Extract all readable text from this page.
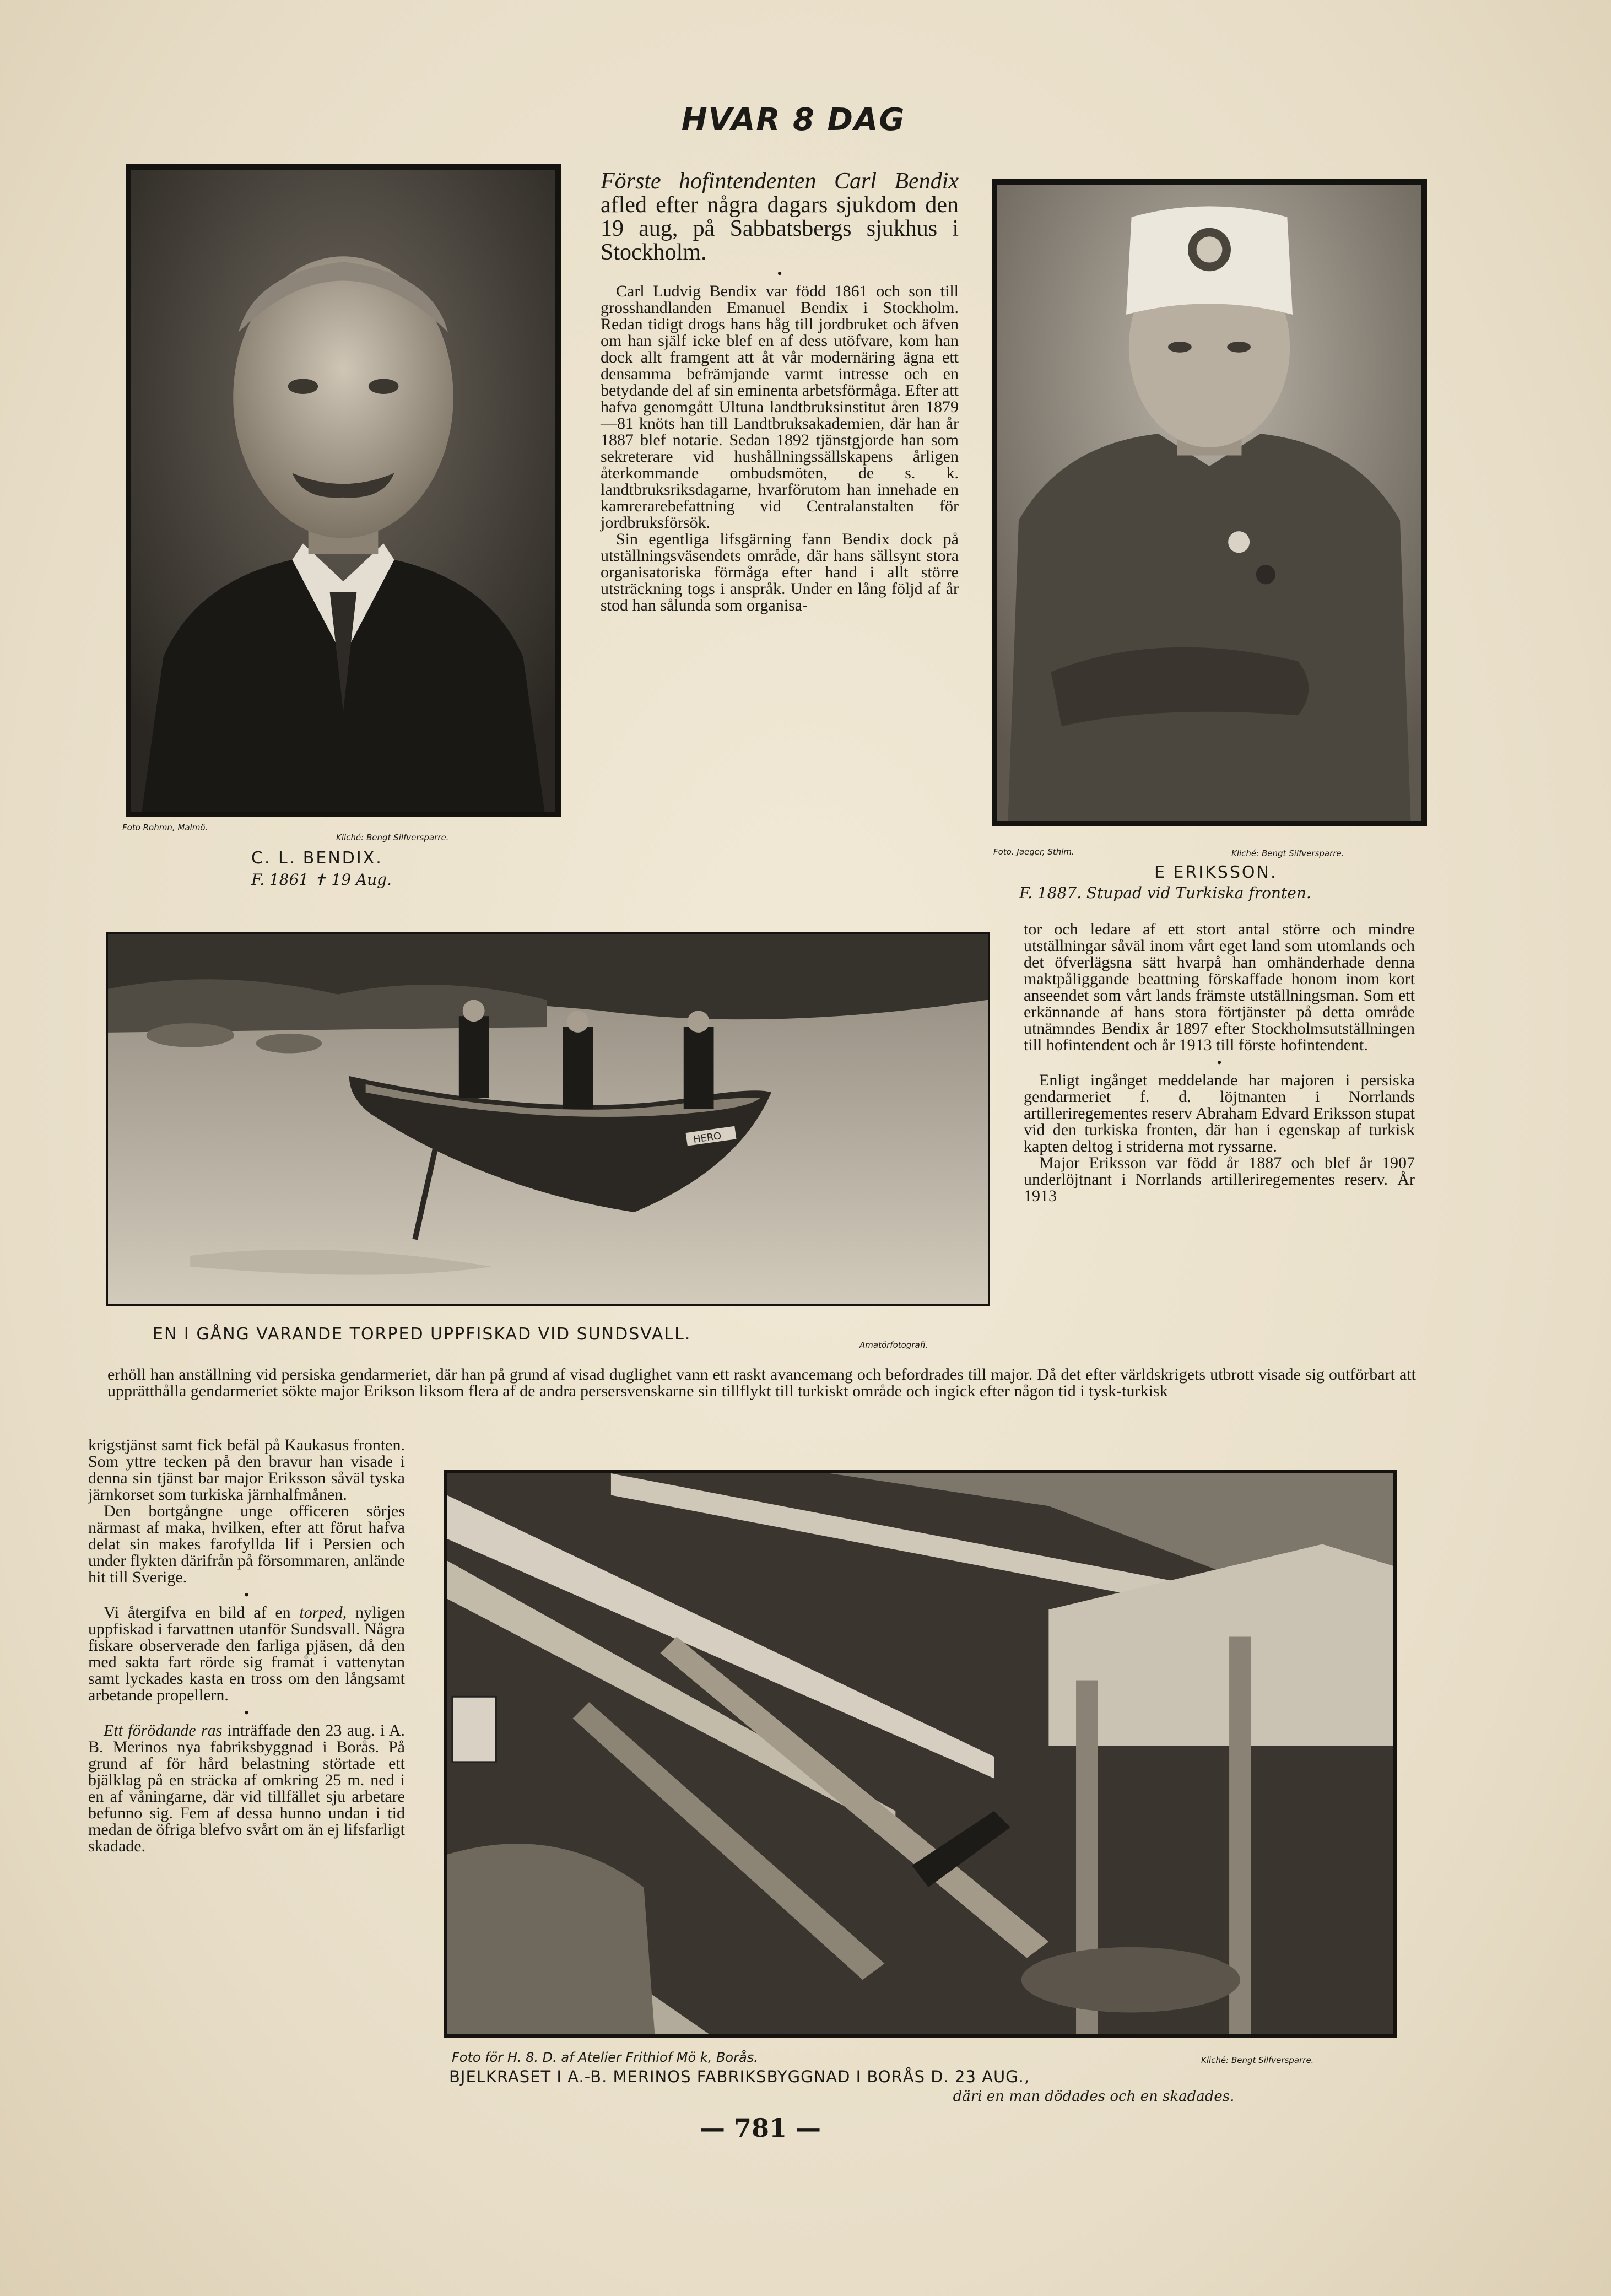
HVAR 8 DAG
Foto Rohmn, Malmö.
Kliché: Bengt Silfversparre.
C. L. BENDIX.
F. 1861 ✝ 19 Aug.
Foto. Jaeger, Sthlm.	Kliché: Bengt Silfversparre.
E ERIKSSON.
F. 1887. Stupad vid Turkiska fronten.

Förste hofintendenten Carl Bendix afled efter några dagars sjukdom den 19 aug, på Sabbatsbergs sjukhus i Stockholm.

•

Carl Ludvig Bendix var född 1861 och son till grosshandlanden Emanuel Bendix i Stockholm. Redan tidigt drogs hans håg till jordbruket och äfven om han själf icke blef en af dess utöfvare, kom han dock allt framgent att åt vår modernäring ägna ett densamma befrämjande varmt intresse och en betydande del af sin eminenta arbetsförmåga. Efter att hafva genomgått Ultuna landtbruksinstitut åren 1879—81 knöts han till Landtbruksakademien, där han år 1887 blef notarie. Sedan 1892 tjänstgjorde han som sekreterare vid hushållningssällskapens årligen återkommande ombudsmöten, de s. k. landtbruksriksdagarne, hvarförutom han innehade en kamrerarebefattning vid Centralanstalten för jordbruksförsök.

Sin egentliga lifsgärning fann Bendix dock på utställningsväsendets område, där hans sällsynt stora organisatoriska förmåga efter hand i allt större utsträckning togs i anspråk. Under en lång följd af år stod han sålunda som organisa-

HERO
EN I GÅNG VARANDE TORPED UPPFISKAD VID SUNDSVALL.
Amatörfotografi.

tor och ledare af ett stort antal större och mindre utställningar såväl inom vårt eget land som utomlands och det öfverlägsna sätt hvarpå han omhänderhade denna maktpåliggande beattning förskaffade honom inom kort anseendet som vårt lands främste utställningsman. Som ett erkännande af hans stora förtjänster på detta område utnämndes Bendix år 1897 efter Stockholmsutställningen till hofintendent och år 1913 till förste hofintendent.

•

Enligt ingånget meddelande har majoren i persiska gendarmeriet f. d. löjtnanten i Norrlands artilleriregementes reserv Abraham Edvard Eriksson stupat vid den turkiska fronten, där han i egenskap af turkisk kapten deltog i striderna mot ryssarne.

Major Eriksson var född år 1887 och blef år 1907 underlöjtnant i Norrlands artilleriregementes reserv. År 1913

erhöll han anställning vid persiska gendarmeriet, där han på grund af visad duglighet vann ett raskt avancemang och befordrades till major. Då det efter världskrigets utbrott visade sig outförbart att upprätthålla gendarmeriet sökte major Erikson liksom flera af de andra persersvenskarne sin tillflykt till turkiskt område och ingick efter någon tid i tysk-turkisk

krigstjänst samt fick befäl på Kaukasus fronten. Som yttre tecken på den bravur han visade i denna sin tjänst bar major Eriksson såväl tyska järnkorset som turkiska järnhalfmånen.

Den bortgångne unge officeren sörjes närmast af maka, hvilken, efter att förut hafva delat sin makes farofyllda lif i Persien och under flykten därifrån på försommaren, anlände hit till Sverige.

•

Vi återgifva en bild af en torped, nyligen uppfiskad i farvattnen utanför Sundsvall. Några fiskare observerade den farliga pjäsen, då den med sakta fart rörde sig framåt i vattenytan samt lyckades kasta en tross om den långsamt arbetande propellern.

•

Ett förödande ras inträffade den 23 aug. i A. B. Merinos nya fabriksbyggnad i Borås. På grund af för hård belastning störtade ett bjälklag på en sträcka af omkring 25 m. ned i en af våningarne, där vid tillfället sju arbetare befunno sig. Fem af dessa hunno undan i tid medan de öfriga blefvo svårt om än ej lifsfarligt skadade.

Foto för H. 8. D. af Atelier Frithiof Mö k, Borås.	Kliché: Bengt Silfversparre.
BJELKRASET I A.-B. MERINOS FABRIKSBYGGNAD I BORÅS D. 23 AUG.,
däri en man dödades och en skadades.
— 781 —
